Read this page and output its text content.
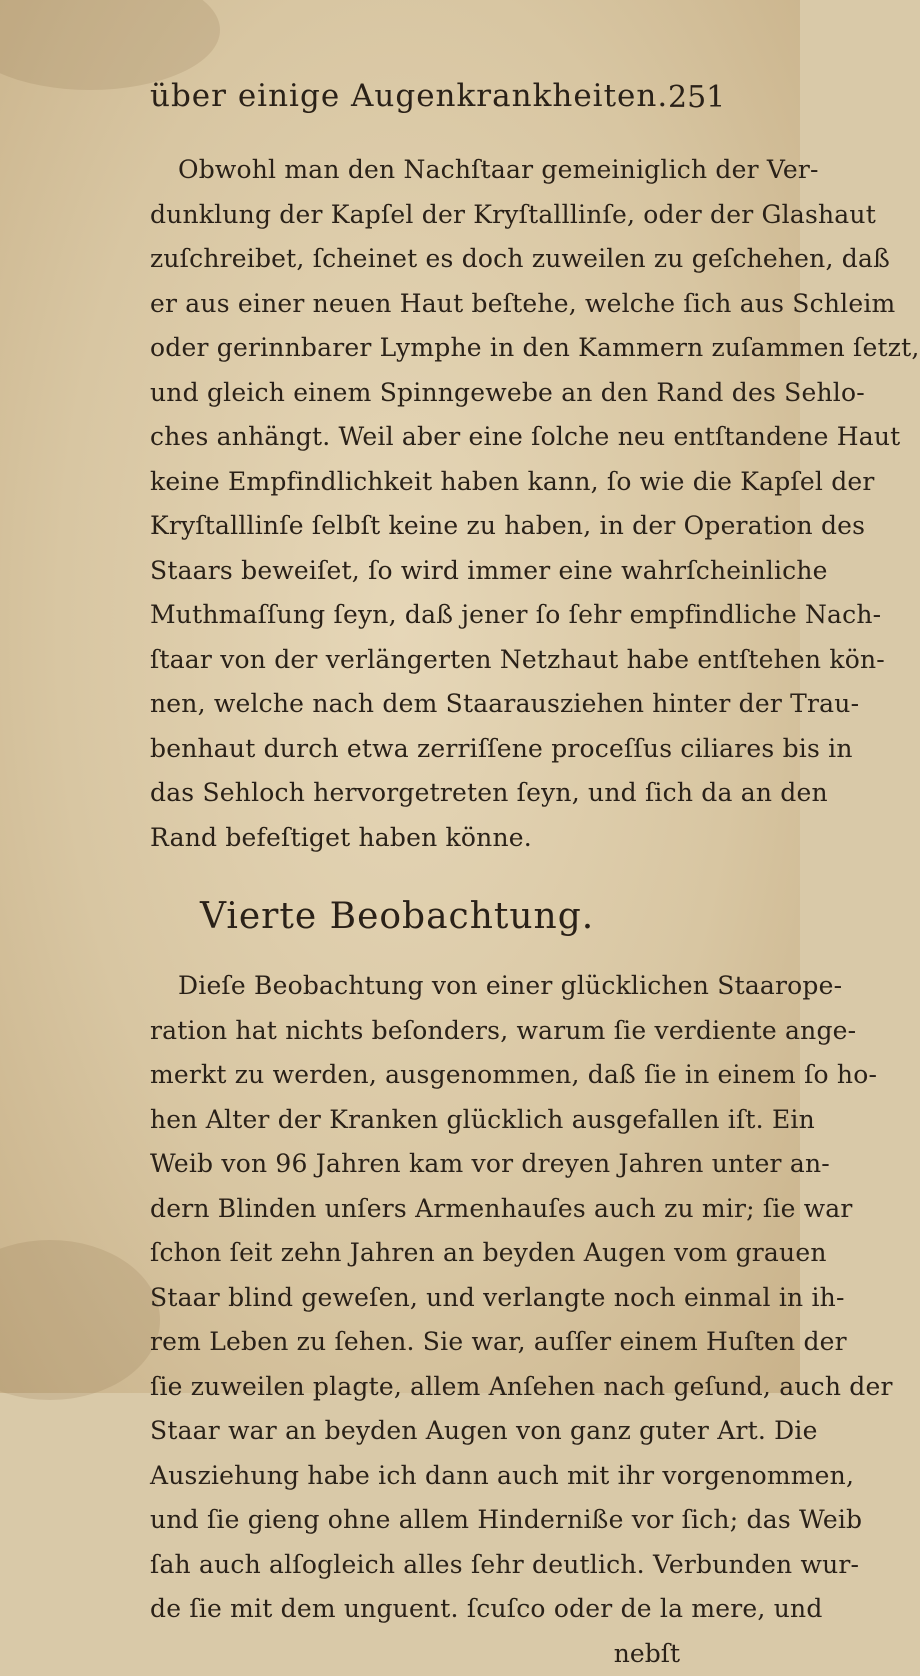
über einige Augenkrankheiten. 251
Obwohl man den Nachſtaar gemeiniglich der Ver-
dunklung der Kapſel der Kryſtalllinſe, oder der Glashaut
zuſchreibet, ſcheinet es doch zuweilen zu geſchehen, daß
er aus einer neuen Haut beſtehe, welche ſich aus Schleim
oder gerinnbarer Lymphe in den Kammern zuſammen ſetzt,
und gleich einem Spinngewebe an den Rand des Sehlo-
ches anhängt. Weil aber eine ſolche neu entſtandene Haut
keine Empfindlichkeit haben kann, ſo wie die Kapſel der
Kryſtalllinſe ſelbſt keine zu haben, in der Operation des
Staars beweiſet, ſo wird immer eine wahrſcheinliche
Muthmaſſung ſeyn, daß jener ſo ſehr empfindliche Nach-
ſtaar von der verlängerten Netzhaut habe entſtehen kön-
nen, welche nach dem Staarausziehen hinter der Trau-
benhaut durch etwa zerriſſene proceſſus ciliares bis in
das Sehloch hervorgetreten ſeyn, und ſich da an den
Rand befeſtiget haben könne.
Vierte Beobachtung.
Dieſe Beobachtung von einer glücklichen Staarope-
ration hat nichts beſonders, warum ſie verdiente ange-
merkt zu werden, ausgenommen, daß ſie in einem ſo ho-
hen Alter der Kranken glücklich ausgefallen iſt. Ein
Weib von 96 Jahren kam vor dreyen Jahren unter an-
dern Blinden unſers Armenhauſes auch zu mir; ſie war
ſchon ſeit zehn Jahren an beyden Augen vom grauen
Staar blind geweſen, und verlangte noch einmal in ih-
rem Leben zu ſehen. Sie war, auſſer einem Huſten der
ſie zuweilen plagte, allem Anſehen nach geſund, auch der
Staar war an beyden Augen von ganz guter Art. Die
Ausziehung habe ich dann auch mit ihr vorgenommen,
und ſie gieng ohne allem Hinderniße vor ſich; das Weib
ſah auch alſogleich alles ſehr deutlich. Verbunden wur-
de ſie mit dem unguent. ſcuſco oder de la mere, und
nebſt
